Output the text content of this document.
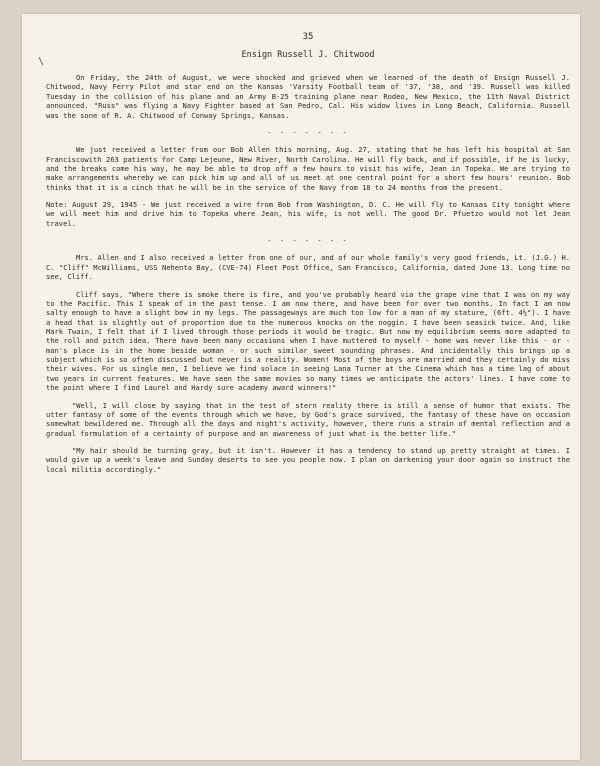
\
35
Ensign Russell J. Chitwood

On Friday, the 24th of August, we were shocked and grieved when we learned of the death of Ensign Russell J. Chitwood, Navy Ferry Pilot and star end on the Kansas 'Varsity Football team of '37, '38, and '39. Russell was killed Tuesday in the collision of his plane and an Army B-25 training plane near Rodeo, New Mexico, the 11th Naval District announced. "Russ" was flying a Navy Fighter based at San Pedro, Cal. His widow lives in Long Beach, California. Russell was the sone of R. A. Chitwood of Conway Springs, Kansas.

- - - - - - -

We just received a letter from our Bob Allen this morning, Aug. 27, stating that he has left his hospital at San Franciscowith 263 patients for Camp Lejeune, New River, North Carolina. He will fly back, and if possible, if he is lucky, and the breaks come his way, he may be able to drop off a few hours to visit his wife, Jean in Topeka. We are trying to make arrangements whereby we can pick him up and all of us meet at one central point for a short few hours' reunion. Bob thinks that it is a cinch that he will be in the service of the Navy from 18 to 24 months from the present.

Note: August 29, 1945 - We just received a wire from Bob from Washington, D. C. He will fly to Kansas City tonight where we will meet him and drive him to Topeka where Jean, his wife, is not well. The good Dr. Pfuetzo would not let Jean travel.

- - - - - - -

Mrs. Allen and I also received a letter from one of our, and of our whole family's very good friends, Lt. (J.G.) H. C. "Cliff" McWilliams, USS Nehenta Bay, (CVE-74) Fleet Post Office, San Francisco, California, dated June 13. Long time no see, Cliff.

Cliff says, "Where there is smoke there is fire, and you've probably heard via the grape vine that I was on my way to the Pacific. This I speak of in the past tense. I am now there, and have been for over two months. In fact I am now salty enough to have a slight bow in my legs. The passageways are much too low for a man of my stature, (6ft. 4½"). I have a head that is slightly out of proportion due to the numerous knocks on the noggin. I have been seasick twice. And, like Mark Twain, I felt that if I lived through those periods it would be tragic. But now my equilibrium seems more adapted to the roll and pitch idea. There have been many occasions when I have muttered to myself - home was never like this - or - man's place is in the home beside woman - or such similar sweet sounding phrases. And incidentally this brings up a subject which is so often discussed but never is a reality. Women! Most of the boys are married and they certainly do miss their wives. For us single men, I believe we find solace in seeing Lana Turner at the Cinema which has a time lag of about two years in current features. We have seen the same movies so many times we anticipate the actors' lines. I have come to the point where I find Laurel and Hardy sure academy award winners!"

"Well, I will close by saying that in the test of stern reality there is still a sense of humor that exists. The utter fantasy of some of the events through which we have, by God's grace survived, the fantasy of these have on occasion somewhat bewildered me. Through all the days and night's activity, however, there runs a strain of mental reflection and a gradual formulation of a certainty of purpose and an awareness of just what is the better life."

"My hair should be turning gray, but it isn't. However it has a tendency to stand up pretty straight at times. I would give up a week's leave and Sunday deserts to see you people now. I plan on darkening your door again so instruct the local militia accordingly."
